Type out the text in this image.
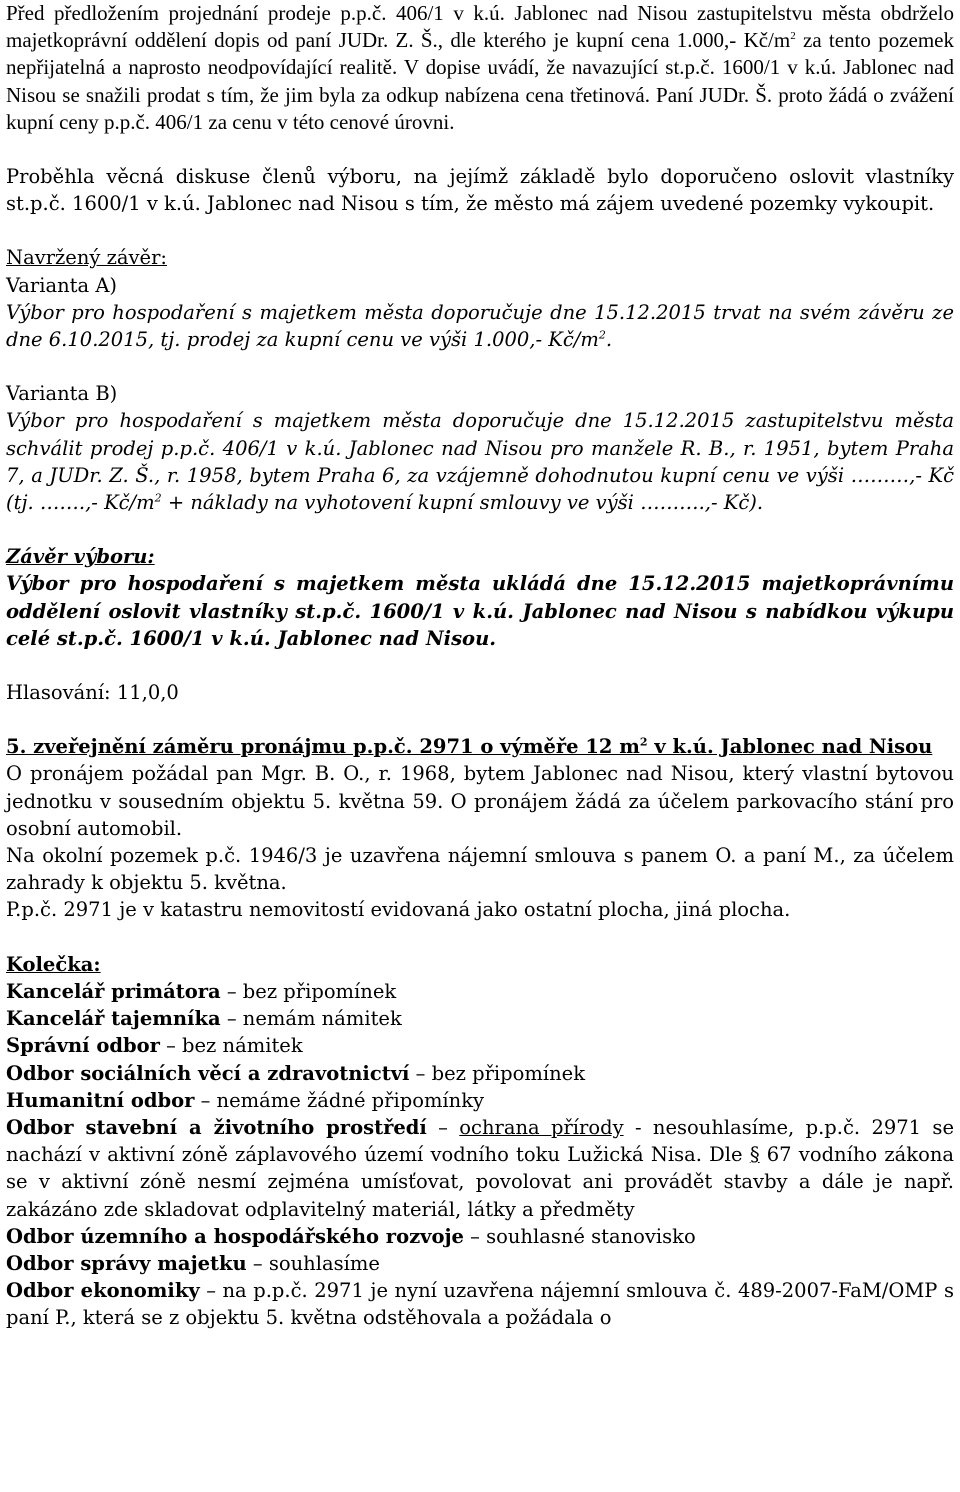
Před předložením projednání prodeje p.p.č. 406/1 v k.ú. Jablonec nad Nisou zastupitelstvu města obdrželo majetkoprávní oddělení dopis od paní JUDr. Z. Š., dle kterého je kupní cena 1.000,- $Kč/m^2$ za tento pozemek nepřijatelná a naprosto neodpovídající realitě. V dopise uvádí, že navazující st.p.č. 1600/1 v k.ú. Jablonec nad Nisou se snažili prodat s tím, že jim byla za odkup nabízena cena třetinová. Paní JUDr. Š. proto žádá o zvážení kupní ceny p.p.č. 406/1 za cenu v této cenové úrovni.

Proběhla věcná diskuse členů výboru, na jejímž základě bylo doporučeno oslovit vlastníky st.p.č. 1600/1 v k.ú. Jablonec nad Nisou s tím, že město má zájem uvedené pozemky vykoupit.

Navržený závěr:

Varianta A)

Výbor pro hospodaření s majetkem města doporučuje dne 15.12.2015 trvat na svém závěru ze dne 6.10.2015, tj. prodej za kupní cenu ve výši 1.000,- $Kč/m^2$.

Varianta B)

Výbor pro hospodaření s majetkem města doporučuje dne 15.12.2015 zastupitelstvu města schválit prodej p.p.č. 406/1 v k.ú. Jablonec nad Nisou pro manžele R. B., r. 1951, bytem Praha 7, a JUDr. Z. Š., r. 1958, bytem Praha 6, za vzájemně dohodnutou kupní cenu ve výši ………,- Kč (tj. …….,- $Kč/m^2$ + náklady na vyhotovení kupní smlouvy ve výši ……….,- Kč).

Závěr výboru:

Výbor pro hospodaření s majetkem města ukládá dne 15.12.2015 majetkoprávnímu oddělení oslovit vlastníky st.p.č. 1600/1 v k.ú. Jablonec nad Nisou s nabídkou výkupu celé st.p.č. 1600/1 v k.ú. Jablonec nad Nisou.

Hlasování: 11,0,0

5. zveřejnění záměru pronájmu p.p.č. 2971 o výměře 12 $m^2$ v k.ú. Jablonec nad Nisou

O pronájem požádal pan Mgr. B. O., r. 1968, bytem Jablonec nad Nisou, který vlastní bytovou jednotku v sousedním objektu 5. května 59. O pronájem žádá za účelem parkovacího stání pro osobní automobil.

Na okolní pozemek p.č. 1946/3 je uzavřena nájemní smlouva s panem O. a paní M., za účelem zahrady k objektu 5. května.

P.p.č. 2971 je v katastru nemovitostí evidovaná jako ostatní plocha, jiná plocha.

Kolečka:

Kancelář primátora – bez připomínek

Kancelář tajemníka – nemám námitek

Správní odbor – bez námitek

Odbor sociálních věcí a zdravotnictví – bez připomínek

Humanitní odbor – nemáme žádné připomínky

Odbor stavební a životního prostředí – ochrana přírody - nesouhlasíme, p.p.č. 2971 se nachází v aktivní zóně záplavového území vodního toku Lužická Nisa. Dle § 67 vodního zákona se v aktivní zóně nesmí zejména umísťovat, povolovat ani provádět stavby a dále je např. zakázáno zde skladovat odplavitelný materiál, látky a předměty

Odbor územního a hospodářského rozvoje – souhlasné stanovisko

Odbor správy majetku – souhlasíme

Odbor ekonomiky – na p.p.č. 2971 je nyní uzavřena nájemní smlouva č. 489-2007-FaM/OMP s paní P., která se z objektu 5. května odstěhovala a požádala o
